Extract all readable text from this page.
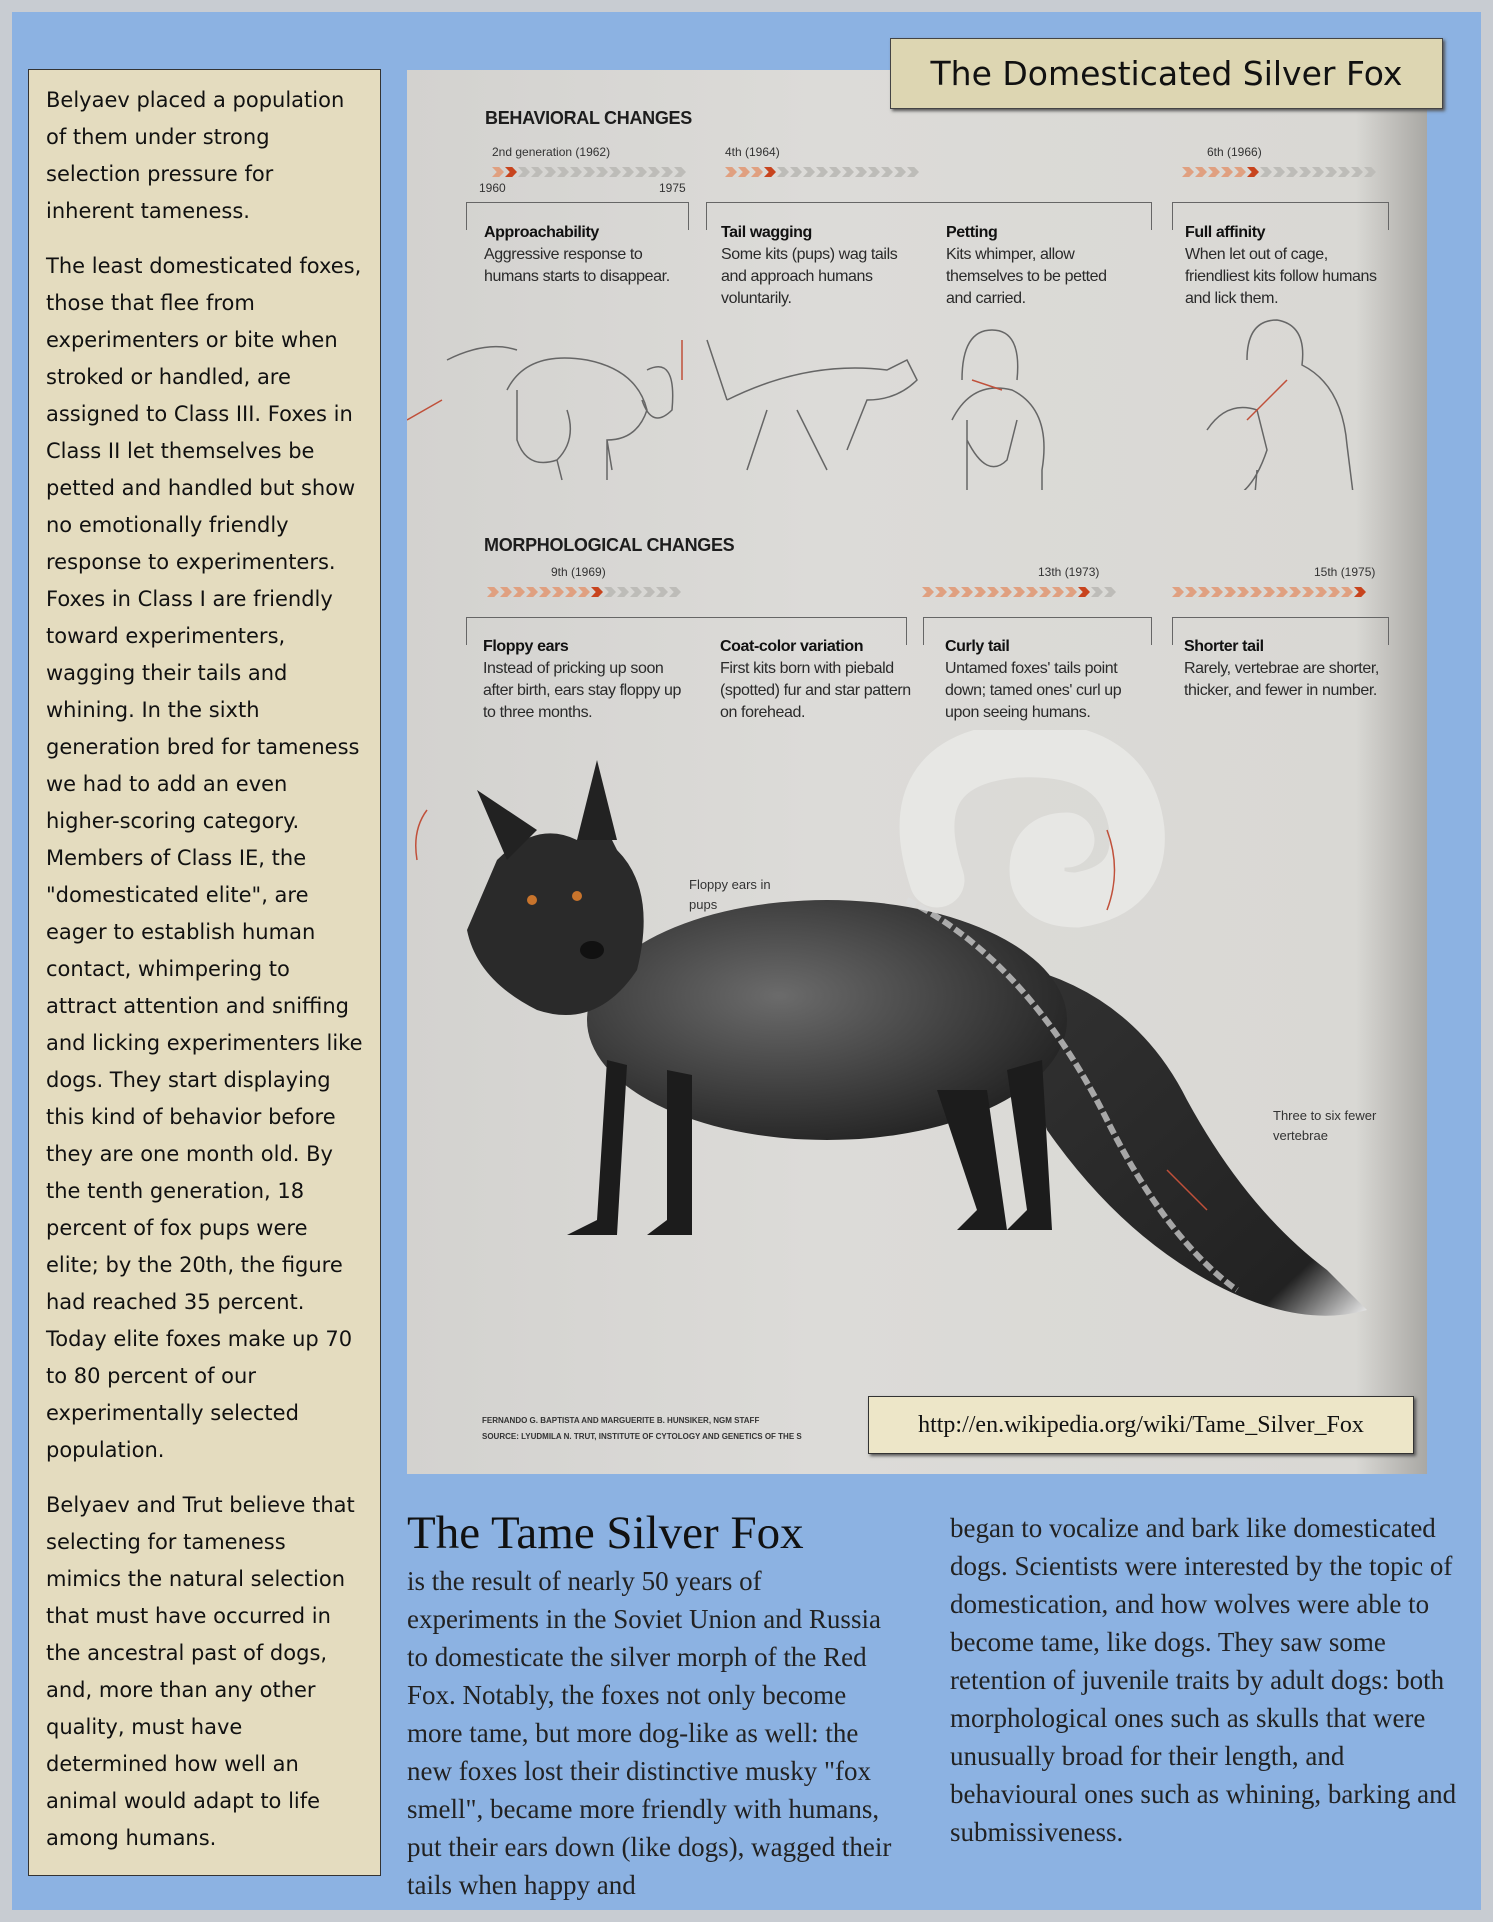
Belyaev placed a population of them under strong selection pressure for inherent tameness.

The least domesticated foxes, those that flee from experimenters or bite when stroked or handled, are assigned to Class III. Foxes in Class II let themselves be petted and handled but show no emotionally friendly response to experimenters. Foxes in Class I are friendly toward experimenters, wagging their tails and whining. In the sixth generation bred for tameness we had to add an even higher-scoring category. Members of Class IE, the "domesticated elite", are eager to establish human contact, whimpering to attract attention and sniffing and licking experimenters like dogs. They start displaying this kind of behavior before they are one month old. By the tenth generation, 18 percent of fox pups were elite; by the 20th, the figure had reached 35 percent. Today elite foxes make up 70 to 80 percent of our experimentally selected population.

Belyaev and Trut believe that selecting for tameness mimics the natural selection that must have occurred in the ancestral past of dogs, and, more than any other quality, must have determined how well an animal would adapt to life among humans.

BEHAVIORAL CHANGES
1960	1975
Approachability
Aggressive response to humans starts to disappear.
Tail wagging
Some kits (pups) wag tails and approach humans voluntarily.
Petting
Kits whimper, allow themselves to be petted and carried.
Full affinity
When let out of cage, friendliest kits follow humans and lick them.
MORPHOLOGICAL CHANGES
Floppy ears
Instead of pricking up soon after birth, ears stay floppy up to three months.
Coat-color variation
First kits born with piebald (spotted) fur and star pattern on forehead.
Curly tail
Untamed foxes' tails point down; tamed ones' curl up upon seeing humans.
Shorter tail
Rarely, vertebrae are shorter, thicker, and fewer in number.
Floppy ears in pups
Three to six fewer vertebrae
FERNANDO G. BAPTISTA AND MARGUERITE B. HUNSIKER, NGM STAFF
SOURCE: LYUDMILA N. TRUT, INSTITUTE OF CYTOLOGY AND GENETICS OF THE S
2nd generation (1962)	4th (1964)	6th (1966)
9th (1969)	13th (1973)	15th (1975)
The Domesticated Silver Fox
http://en.wikipedia.org/wiki/Tame_Silver_Fox
The Tame Silver Fox
is the result of nearly 50 years of experiments in the Soviet Union and Russia to domesticate the silver morph of the Red Fox. Notably, the foxes not only become more tame, but more dog-like as well: the new foxes lost their distinctive musky "fox smell", became more friendly with humans, put their ears down (like dogs), wagged their tails when happy and
began to vocalize and bark like domesticated dogs. Scientists were interested by the topic of domestication, and how wolves were able to become tame, like dogs. They saw some retention of juvenile traits by adult dogs: both morphological ones such as skulls that were unusually broad for their length, and behavioural ones such as whining, barking and submissiveness.
